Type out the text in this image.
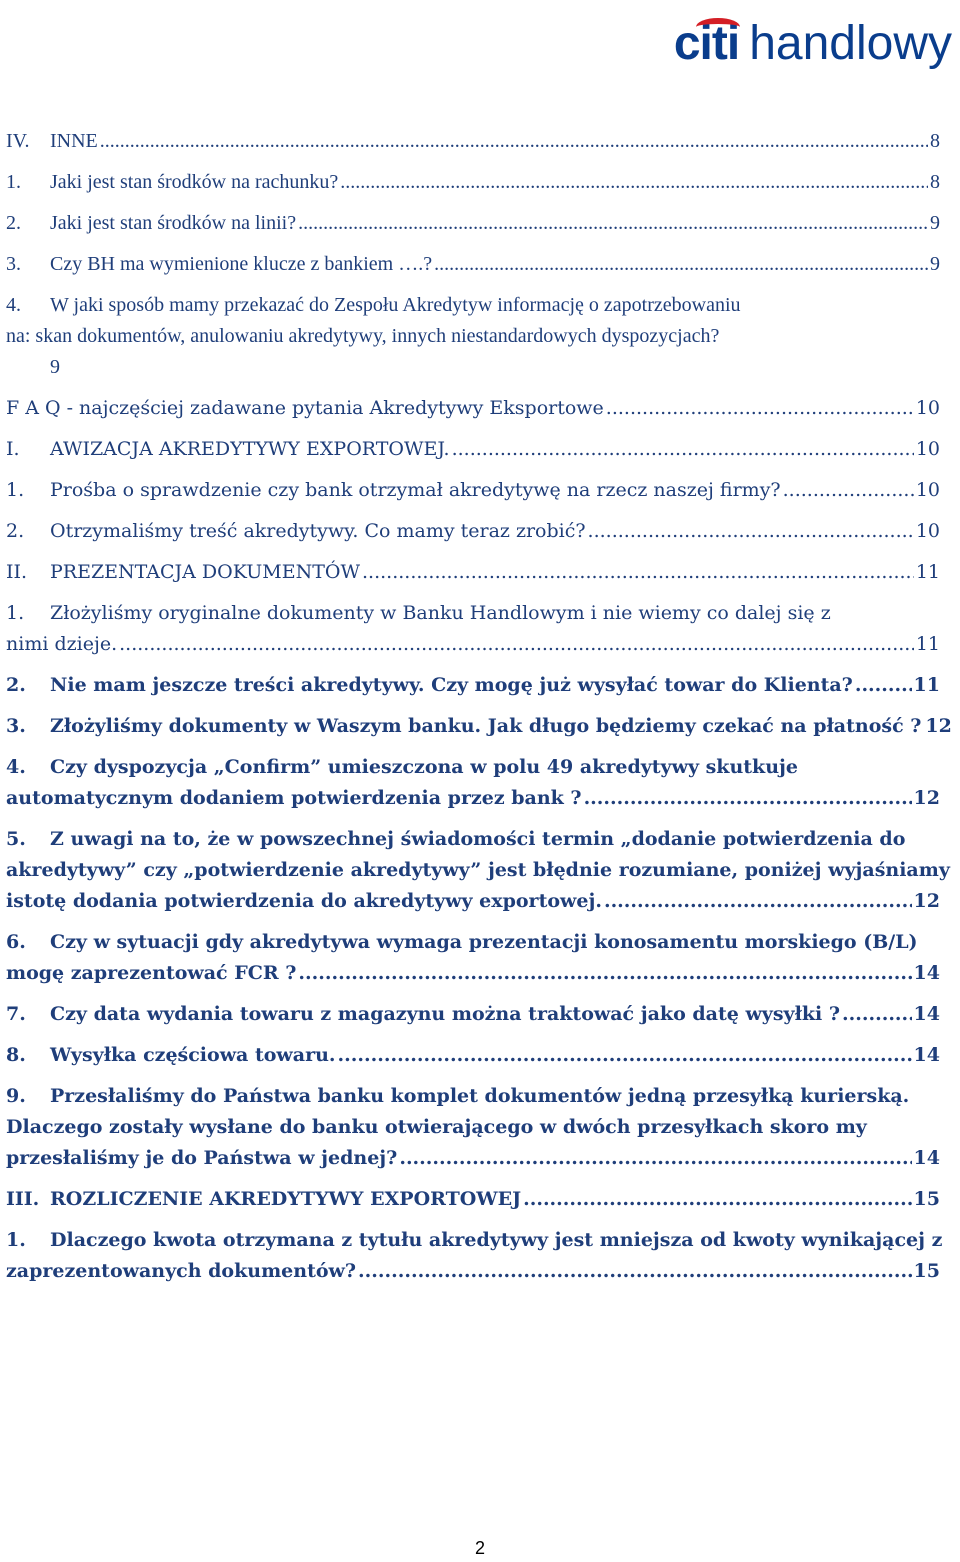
citi handlowy
IV.	INNE .....	8
1.	Jaki jest stan środków na rachunku? .....	8
2.	Jaki jest stan środków na linii? .....	9
3.	Czy BH ma wymienione klucze z bankiem ….? .....	9
4. W jaki sposób mamy przekazać do Zespołu Akredytyw informację o zapotrzebowaniu
na: skan dokumentów, anulowaniu akredytywy, innych niestandardowych dyspozycjach?
9
F A Q - najczęściej zadawane pytania Akredytywy Eksportowe .....	10
I.	AWIZACJA AKREDYTYWY EXPORTOWEJ. .....	10
1.	Prośba o sprawdzenie czy bank otrzymał akredytywę na rzecz naszej firmy? .....	10
2.	Otrzymaliśmy treść akredytywy. Co mamy teraz zrobić? .....	10
II.	PREZENTACJA DOKUMENTÓW .....	11
1. Złożyliśmy oryginalne dokumenty w Banku Handlowym i nie wiemy co dalej się z
nimi dzieje. .....	11
2.	Nie mam jeszcze treści akredytywy. Czy mogę już wysyłać towar do Klienta? .....	11
3.	Złożyliśmy dokumenty w Waszym banku. Jak długo będziemy czekać na płatność ? 12
4. Czy dyspozycja „Confirm” umieszczona w polu 49 akredytywy skutkuje
automatycznym dodaniem potwierdzenia przez bank ? .....	12
5. Z uwagi na to, że w powszechnej świadomości termin „dodanie potwierdzenia do
akredytywy” czy „potwierdzenie akredytywy” jest błędnie rozumiane, poniżej wyjaśniamy
istotę dodania potwierdzenia do akredytywy exportowej. .....	12
6. Czy w sytuacji gdy akredytywa wymaga prezentacji konosamentu morskiego (B/L)
mogę zaprezentować FCR ? .....	14
7.	Czy data wydania towaru z magazynu można traktować jako datę wysyłki ? .....	14
8.	Wysyłka częściowa towaru. .....	14
9. Przesłaliśmy do Państwa banku komplet dokumentów jedną przesyłką kurierską.
Dlaczego zostały wysłane do banku otwierającego w dwóch przesyłkach skoro my
przesłaliśmy je do Państwa w jednej? .....	14
III. ROZLICZENIE AKREDYTYWY EXPORTOWEJ .....	15
1. Dlaczego kwota otrzymana z tytułu akredytywy jest mniejsza od kwoty wynikającej z
zaprezentowanych dokumentów? .....	15
2
